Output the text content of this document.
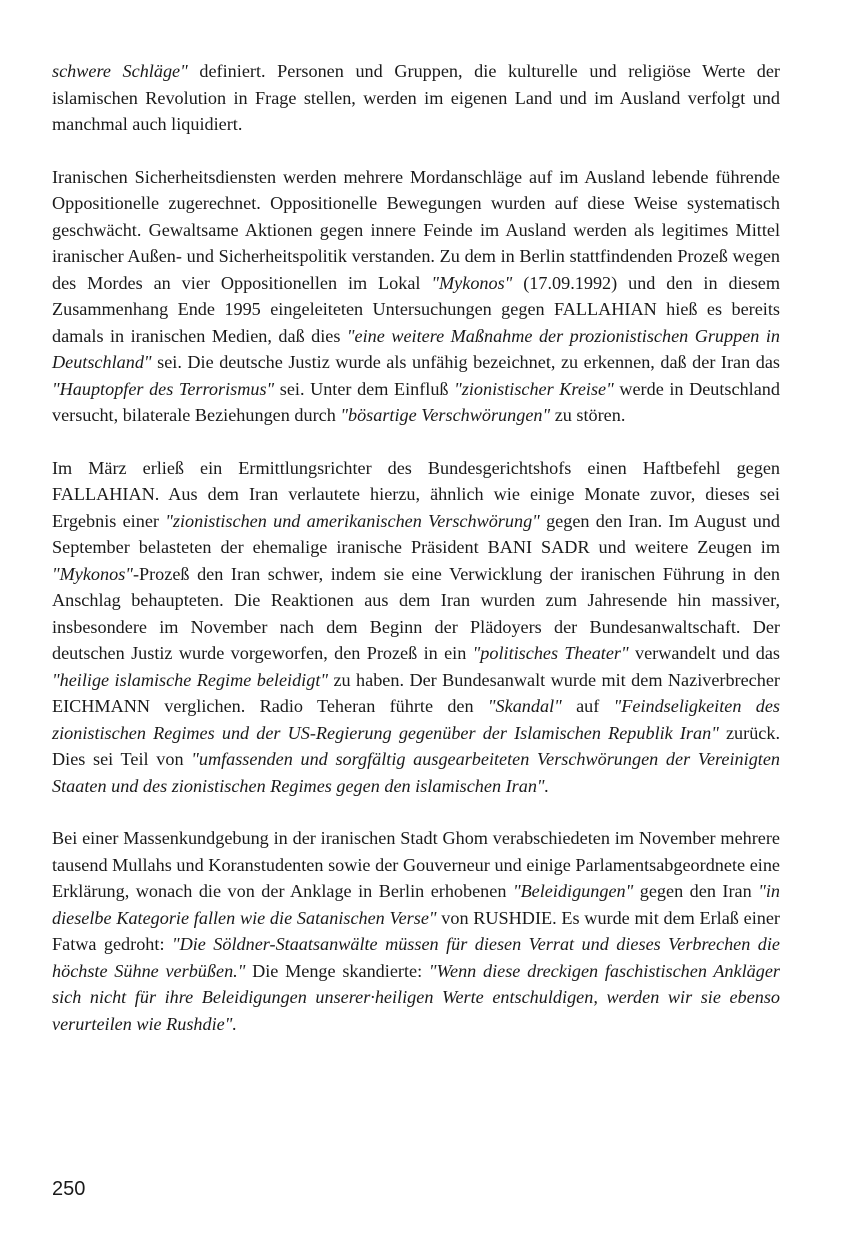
schwere Schläge" definiert. Personen und Gruppen, die kulturelle und religiöse Werte der islamischen Revolution in Frage stellen, werden im eigenen Land und im Ausland verfolgt und manchmal auch liquidiert.

Iranischen Sicherheitsdiensten werden mehrere Mordanschläge auf im Ausland lebende führende Oppositionelle zugerechnet. Oppositionelle Bewegungen wurden auf diese Weise systematisch geschwächt. Gewaltsame Aktionen gegen innere Feinde im Ausland werden als legitimes Mittel iranischer Außen- und Sicherheitspolitik verstanden. Zu dem in Berlin stattfindenden Prozeß wegen des Mordes an vier Oppositionellen im Lokal "Mykonos" (17.09.1992) und den in diesem Zusammenhang Ende 1995 eingeleiteten Untersuchungen gegen FALLAHIAN hieß es bereits damals in iranischen Medien, daß dies "eine weitere Maßnahme der prozionistischen Gruppen in Deutschland" sei. Die deutsche Justiz wurde als unfähig bezeichnet, zu erkennen, daß der Iran das "Hauptopfer des Terrorismus" sei. Unter dem Einfluß "zionistischer Kreise" werde in Deutschland versucht, bilaterale Beziehungen durch "bösartige Verschwörungen" zu stören.

Im März erließ ein Ermittlungsrichter des Bundesgerichtshofs einen Haftbefehl gegen FALLAHIAN. Aus dem Iran verlautete hierzu, ähnlich wie einige Monate zuvor, dieses sei Ergebnis einer "zionistischen und amerikanischen Verschwörung" gegen den Iran. Im August und September belasteten der ehemalige iranische Präsident BANI SADR und weitere Zeugen im "Mykonos"-Prozeß den Iran schwer, indem sie eine Verwicklung der iranischen Führung in den Anschlag behaupteten. Die Reaktionen aus dem Iran wurden zum Jahresende hin massiver, insbesondere im November nach dem Beginn der Plädoyers der Bundesanwaltschaft. Der deutschen Justiz wurde vorgeworfen, den Prozeß in ein "politisches Theater" verwandelt und das "heilige islamische Regime beleidigt" zu haben. Der Bundesanwalt wurde mit dem Naziverbrecher EICHMANN verglichen. Radio Teheran führte den "Skandal" auf "Feindseligkeiten des zionistischen Regimes und der US-Regierung gegenüber der Islamischen Republik Iran" zurück. Dies sei Teil von "umfassenden und sorgfältig ausgearbeiteten Verschwörungen der Vereinigten Staaten und des zionistischen Regimes gegen den islamischen Iran".

Bei einer Massenkundgebung in der iranischen Stadt Ghom verabschiedeten im November mehrere tausend Mullahs und Koranstudenten sowie der Gouverneur und einige Parlamentsabgeordnete eine Erklärung, wonach die von der Anklage in Berlin erhobenen "Beleidigungen" gegen den Iran "in dieselbe Kategorie fallen wie die Satanischen Verse" von RUSHDIE. Es wurde mit dem Erlaß einer Fatwa gedroht: "Die Söldner-Staatsanwälte müssen für diesen Verrat und dieses Verbrechen die höchste Sühne verbüßen." Die Menge skandierte: "Wenn diese dreckigen faschistischen Ankläger sich nicht für ihre Beleidigungen unserer·heiligen Werte entschuldigen, werden wir sie ebenso verurteilen wie Rushdie".

250
